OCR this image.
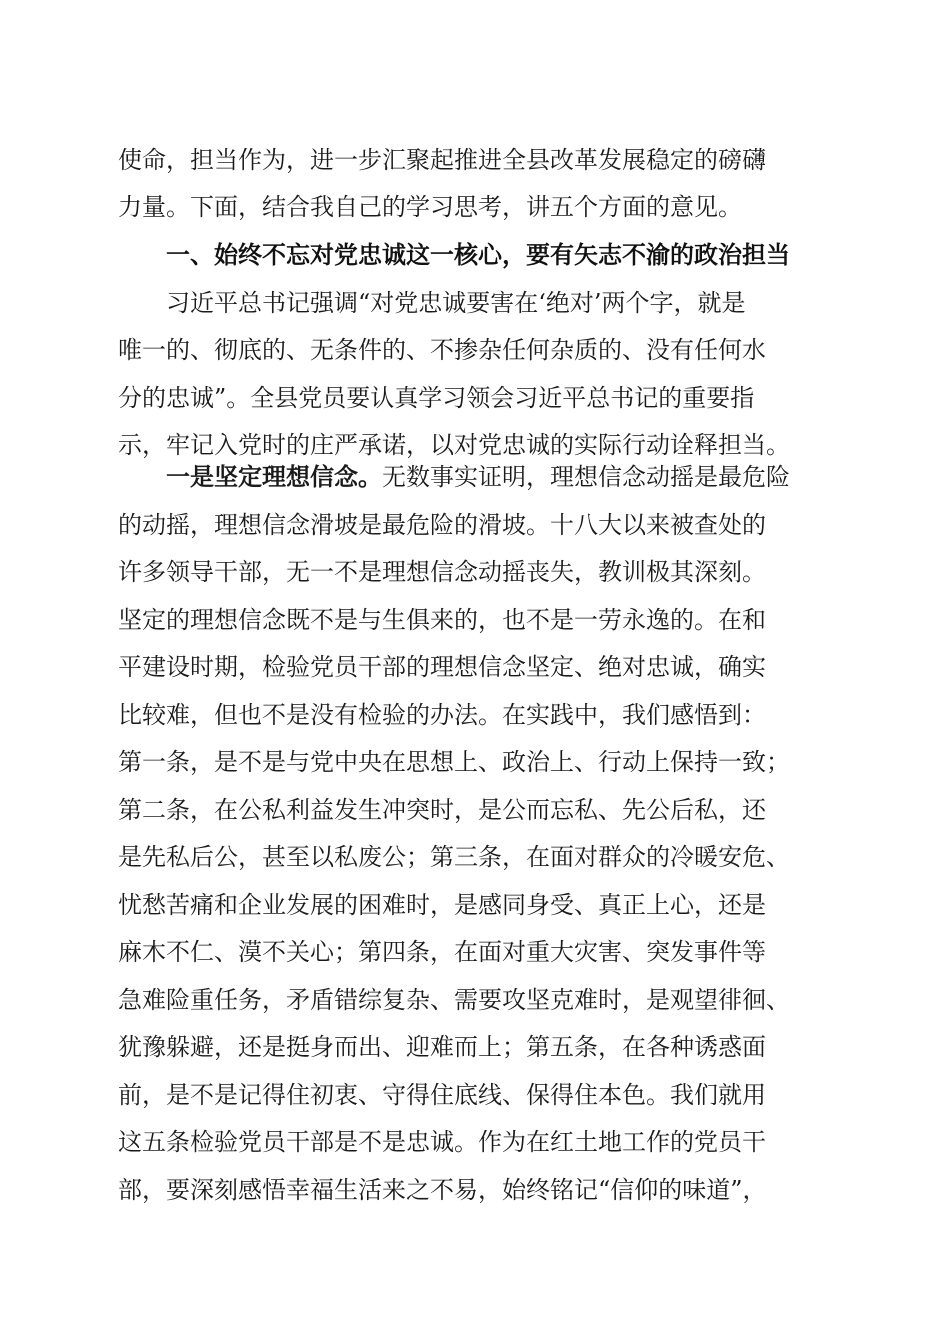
使命，担当作为，进一步汇聚起推进全县改革发展稳定的磅礴
力量。下面，结合我自己的学习思考，讲五个方面的意见。
一、始终不忘对党忠诚这一核心，要有矢志不渝的政治担当
习近平总书记强调“对党忠诚要害在‘绝对’两个字，就是
唯一的、彻底的、无条件的、不掺杂任何杂质的、没有任何水
分的忠诚”。全县党员要认真学习领会习近平总书记的重要指
示，牢记入党时的庄严承诺，以对党忠诚的实际行动诠释担当。
一是坚定理想信念。无数事实证明，理想信念动摇是最危险
的动摇，理想信念滑坡是最危险的滑坡。十八大以来被查处的
许多领导干部，无一不是理想信念动摇丧失，教训极其深刻。
坚定的理想信念既不是与生俱来的，也不是一劳永逸的。在和
平建设时期，检验党员干部的理想信念坚定、绝对忠诚，确实
比较难，但也不是没有检验的办法。在实践中，我们感悟到：
第一条，是不是与党中央在思想上、政治上、行动上保持一致；
第二条，在公私利益发生冲突时，是公而忘私、先公后私，还
是先私后公，甚至以私废公；第三条，在面对群众的冷暖安危、
忧愁苦痛和企业发展的困难时，是感同身受、真正上心，还是
麻木不仁、漠不关心；第四条，在面对重大灾害、突发事件等
急难险重任务，矛盾错综复杂、需要攻坚克难时，是观望徘徊、
犹豫躲避，还是挺身而出、迎难而上；第五条，在各种诱惑面
前，是不是记得住初衷、守得住底线、保得住本色。我们就用
这五条检验党员干部是不是忠诚。作为在红土地工作的党员干
部，要深刻感悟幸福生活来之不易，始终铭记“信仰的味道”，
